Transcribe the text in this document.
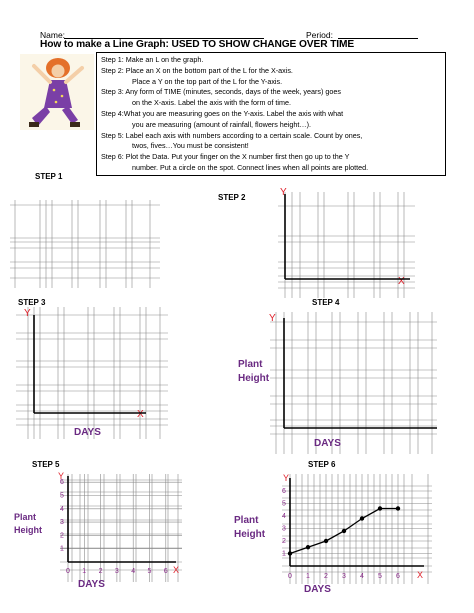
Name:	Period:
How to make a Line Graph: USED TO SHOW CHANGE OVER TIME
Step 1: Make an L on the graph.
Step 2: Place an X on the bottom part of the L for the X-axis.
Place a Y on the top part of the L for the Y-axis.
Step 3: Any form of TIME (minutes, seconds, days of the week, years) goes
on the X-axis. Label the axis with the form of time.
Step 4:What you are measuring goes on the Y-axis. Label the axis with what
you are measuring (amount of rainfall, flowers height…).
Step 5: Label each axis with numbers according to a certain scale. Count by ones,
twos, fives…You must be consistent!
Step 6: Plot the Data. Put your finger on the X number first then go up to the Y
number. Put a circle on the spot. Connect lines when all points are plotted.
STEP 1
STEP 2
STEP 3	STEP 4
STEP 5	STEP 6
Y
X
Y
X
DAYS
Y
Plant
Height
DAYS
Y
X
Plant
Height
DAYS
0 1 2 3 4 5 6
1
2
3
4
5
6	Y
X
Plant
Height
DAYS
0 1 2 3 4 5 6
1
2
3
4
5
6
